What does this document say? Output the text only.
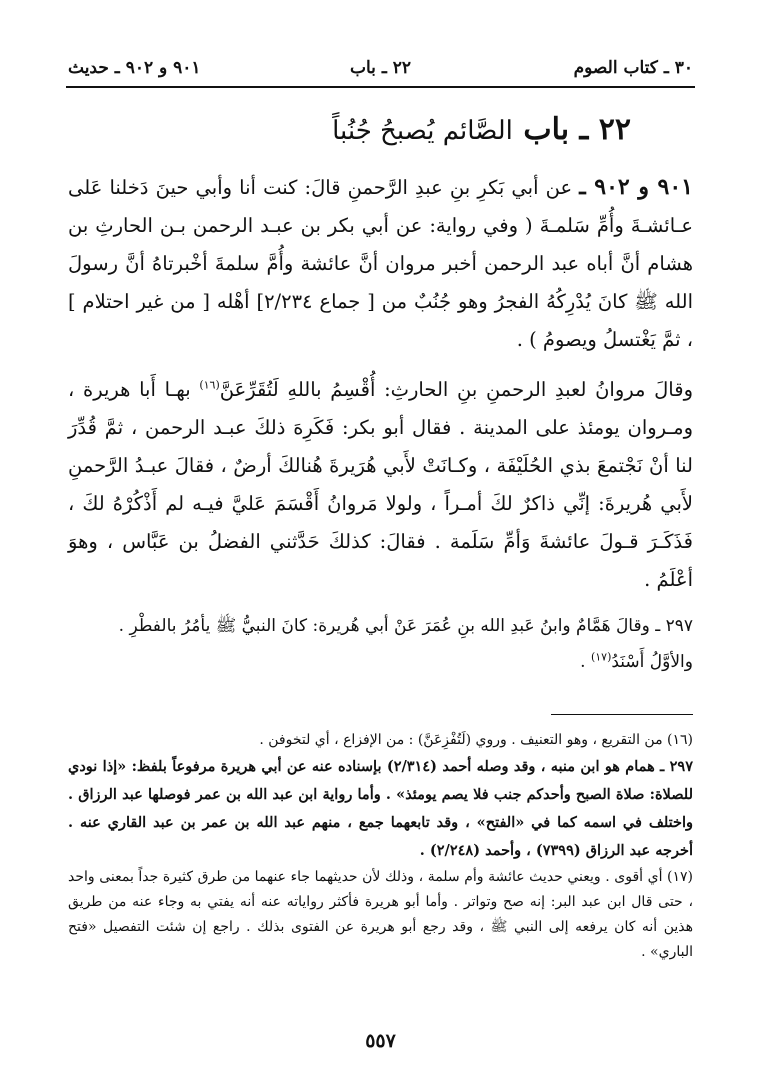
٣٠ ـ كتاب الصوم
٢٢ ـ باب
٩٠١ و ٩٠٢ ـ حديث
٢٢ ـ باب الصَّائم يُصبحُ جُنُباً

٩٠١ و ٩٠٢ ـ عن أبي بَكرِ بنِ عبدِ الرَّحمنِ قالَ: كنت أنا وأبي حينَ دَخلنا عَلى عـائشـةَ وأُمِّ سَلمـةَ ( وفي رواية: عن أبي بكر بن عبـد الرحمن بـن الحارثِ بن هشام أنَّ أباه عبد الرحمن أخبر مروان أنَّ عائشة وأُمَّ سلمةَ أخْبرتاهُ أنَّ رسولَ الله ﷺ كانَ يُدْرِكُهُ الفجرُ وهو جُنُبٌ من [ جماع ٢/٢٣٤] أهْله [ من غير احتلام ] ، ثمَّ يَغْتسلُ ويصومُ ) .

وقالَ مروانُ لعبدِ الرحمنِ بنِ الحارثِ: أُقْسِمُ باللهِ لَتُقَرِّعَنَّ$^{(١٦)}$ بهـا أَبا هريرة ، ومـروان يومئذ على المدينة . فقال أبو بكر: فَكَرِهَ ذلكَ عبـد الرحمن ، ثمَّ قُدِّرَ لنا أنْ نَجْتمعَ بذي الحُلَيْفَة ، وكـانَتْ لأَبي هُرَيرةَ هُنالكَ أرضٌ ، فقالَ عبـدُ الرَّحمنِ لأَبي هُريرةَ: إنِّي ذاكرٌ لكَ أمـراً ، ولولا مَروانُ أَقْسَمَ عَليَّ فيـه لم أَذْكُرْهُ لكَ ، فَذَكَـرَ قـولَ عائشةَ وَأمِّ سَلَمة . فقالَ: كذلكَ حَدَّثني الفضلُ بن عَبَّاس ، وهوَ أعْلَمُ .

٢٩٧ ـ وقالَ هَمَّامٌ وابنُ عَبدِ الله بنِ عُمَرَ عَنْ أبي هُريرة: كانَ النبيُّ ﷺ يأمُرُ بالفطْرِ .
والأوَّلُ أَسْنَدُ$^{(١٧)}$ .

(١٦) من التقريع ، وهو التعنيف . وروي (لَتُفْزِعَنَّ) : من الإفزاع ، أي لتخوفن .

٢٩٧ ـ همام هو ابن منبه ، وقد وصله أحمد (٢/٣١٤) بإسناده عنه عن أبي هريرة مرفوعاً بلفظ: «إذا نودي للصلاة: صلاة الصبح وأحدكم جنب فلا يصم يومئذ» . وأما رواية ابن عبد الله بن عمر فوصلها عبد الرزاق . واختلف في اسمه كما في «الفتح» ، وقد تابعهما جمع ، منهم عبد الله بن عمر بن عبد القاري عنه . أخرجه عبد الرزاق (٧٣٩٩) ، وأحمد (٢/٢٤٨) .

(١٧) أي أقوى . ويعني حديث عائشة وأم سلمة ، وذلك لأن حديثهما جاء عنهما من طرق كثيرة جداً بمعنى واحد ، حتى قال ابن عبد البر: إنه صح وتواتر . وأما أبو هريرة فأكثر رواياته عنه أنه يفتي به وجاء عنه من طريق هذين أنه كان يرفعه إلى النبي ﷺ ، وقد رجع أبو هريرة عن الفتوى بذلك . راجع إن شئت التفصيل «فتح الباري» .

٥٥٧
